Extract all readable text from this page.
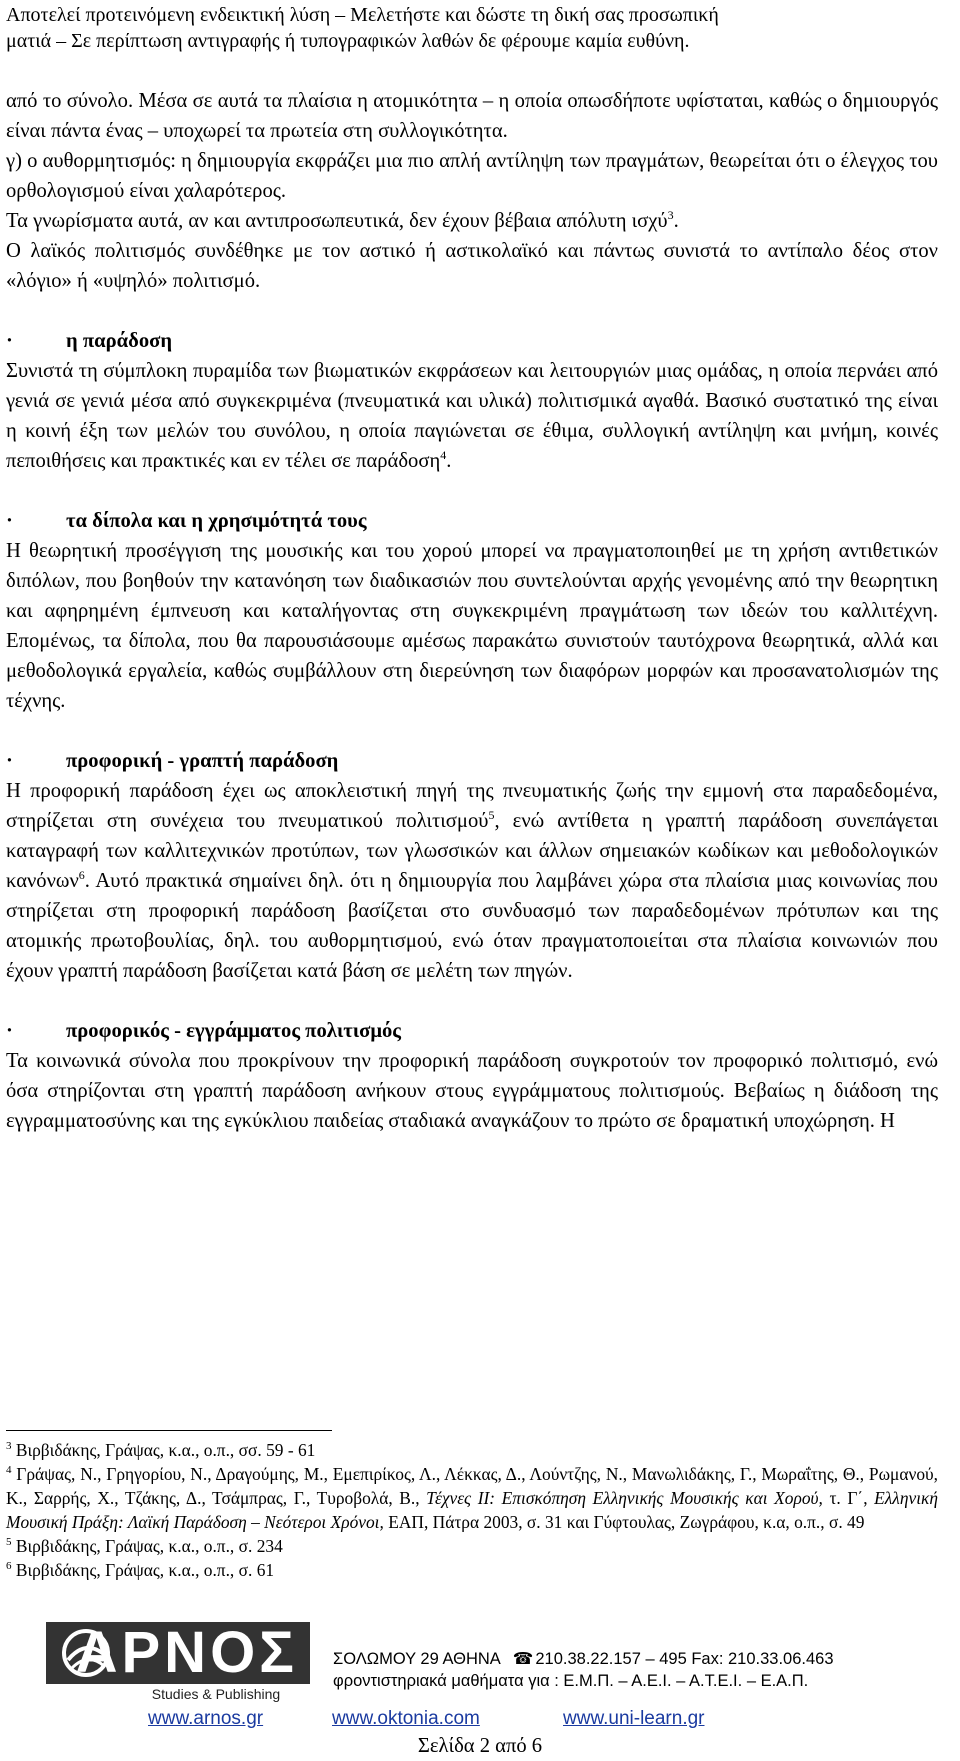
Αποτελεί προτεινόμενη ενδεικτική λύση – Μελετήστε και δώστε τη δική σας προσωπική
ματιά – Σε περίπτωση αντιγραφής ή τυπογραφικών λαθών δε φέρουμε καμία ευθύνη.

από το σύνολο. Μέσα σε αυτά τα πλαίσια η ατομικότητα – η οποία οπωσδήποτε υφίσταται, καθώς ο δημιουργός είναι πάντα ένας – υποχωρεί τα πρωτεία στη συλλογικότητα.

γ) ο αυθορμητισμός: η δημιουργία εκφράζει μια πιο απλή αντίληψη των πραγμάτων, θεωρείται ότι ο έλεγχος του ορθολογισμού είναι χαλαρότερος.

Τα γνωρίσματα αυτά, αν και αντιπροσωπευτικά, δεν έχουν βέβαια απόλυτη ισχύ$^3$.

Ο λαϊκός πολιτισμός συνδέθηκε με τον αστικό ή αστικολαϊκό και πάντως συνιστά το αντίπαλο δέος στον «λόγιο» ή «υψηλό» πολιτισμό.

·	η παράδοση

Συνιστά τη σύμπλοκη πυραμίδα των βιωματικών εκφράσεων και λειτουργιών μιας ομάδας, η οποία περνάει από γενιά σε γενιά μέσα από συγκεκριμένα (πνευματικά και υλικά) πολιτισμικά αγαθά. Βασικό συστατικό της είναι η κοινή έξη των μελών του συνόλου, η οποία παγιώνεται σε έθιμα, συλλογική αντίληψη και μνήμη, κοινές πεποιθήσεις και πρακτικές και εν τέλει σε παράδοση$^4$.

·	τα δίπολα και η χρησιμότητά τους

Η θεωρητική προσέγγιση της μουσικής και του χορού μπορεί να πραγματοποιηθεί με τη χρήση αντιθετικών διπόλων, που βοηθούν την κατανόηση των διαδικασιών που συντελούνται αρχής γενομένης από την θεωρητικη και αφηρημένη έμπνευση και καταλήγοντας στη συγκεκριμένη πραγμάτωση των ιδεών του καλλιτέχνη. Επομένως, τα δίπολα, που θα παρουσιάσουμε αμέσως παρακάτω συνιστούν ταυτόχρονα θεωρητικά, αλλά και μεθοδολογικά εργαλεία, καθώς συμβάλλουν στη διερεύνηση των διαφόρων μορφών και προσανατολισμών της τέχνης.

·	προφορική - γραπτή παράδοση

Η προφορική παράδοση έχει ως αποκλειστική πηγή της πνευματικής ζωής την εμμονή στα παραδεδομένα, στηρίζεται στη συνέχεια του πνευματικού πολιτισμού$^5$, ενώ αντίθετα η γραπτή παράδοση συνεπάγεται καταγραφή των καλλιτεχνικών προτύπων, των γλωσσικών και άλλων σημειακών κωδίκων και μεθοδολογικών κανόνων$^6$. Αυτό πρακτικά σημαίνει δηλ. ότι η δημιουργία που λαμβάνει χώρα στα πλαίσια μιας κοινωνίας που στηρίζεται στη προφορική παράδοση βασίζεται στο συνδυασμό των παραδεδομένων πρότυπων και της ατομικής πρωτοβουλίας, δηλ. του αυθορμητισμού, ενώ όταν πραγματοποιείται στα πλαίσια κοινωνιών που έχουν γραπτή παράδοση βασίζεται κατά βάση σε μελέτη των πηγών.

·	προφορικός - εγγράμματος πολιτισμός

Τα κοινωνικά σύνολα που προκρίνουν την προφορική παράδοση συγκροτούν τον προφορικό πολιτισμό, ενώ όσα στηρίζονται στη γραπτή παράδοση ανήκουν στους εγγράμματους πολιτισμούς. Βεβαίως η διάδοση της εγγραμματοσύνης και της εγκύκλιου παιδείας σταδιακά αναγκάζουν το πρώτο σε δραματική υποχώρηση. Η

$^3$ Βιρβιδάκης, Γράψας, κ.α., ο.π., σσ. 59 - 61

$^4$ Γράψας, Ν., Γρηγορίου, Ν., Δραγούμης, Μ., Εμεπιρίκος, Λ., Λέκκας, Δ., Λούντζης, Ν., Μανωλιδάκης, Γ., Μωραΐτης, Θ., Ρωμανού, Κ., Σαρρής, Χ., Τζάκης, Δ., Τσάμπρας, Γ., Τυροβολά, Β., Τέχνες ΙΙ: Επισκόπηση Ελληνικής Μουσικής και Χορού, τ. Γ΄, Ελληνική Μουσική Πράξη: Λαϊκή Παράδοση – Νεότεροι Χρόνοι, ΕΑΠ, Πάτρα 2003, σ. 31 και Γύφτουλας, Ζωγράφου, κ.α, ο.π., σ. 49

$^5$ Βιρβιδάκης, Γράψας, κ.α., ο.π., σ. 234

$^6$ Βιρβιδάκης, Γράψας, κ.α., ο.π., σ. 61

ΑΡΝΟΣ
Studies & Publishing
ΣΟΛΩΜΟΥ 29 ΑΘΗΝΑ ☎ 210.38.22.157 – 495 Fax: 210.33.06.463
φροντιστηριακά μαθήματα για : Ε.Μ.Π. – Α.Ε.Ι. – Α.Τ.Ε.Ι. – Ε.Α.Π.
www.arnos.gr	www.oktonia.com	www.uni-learn.gr
Σελίδα 2 από 6
